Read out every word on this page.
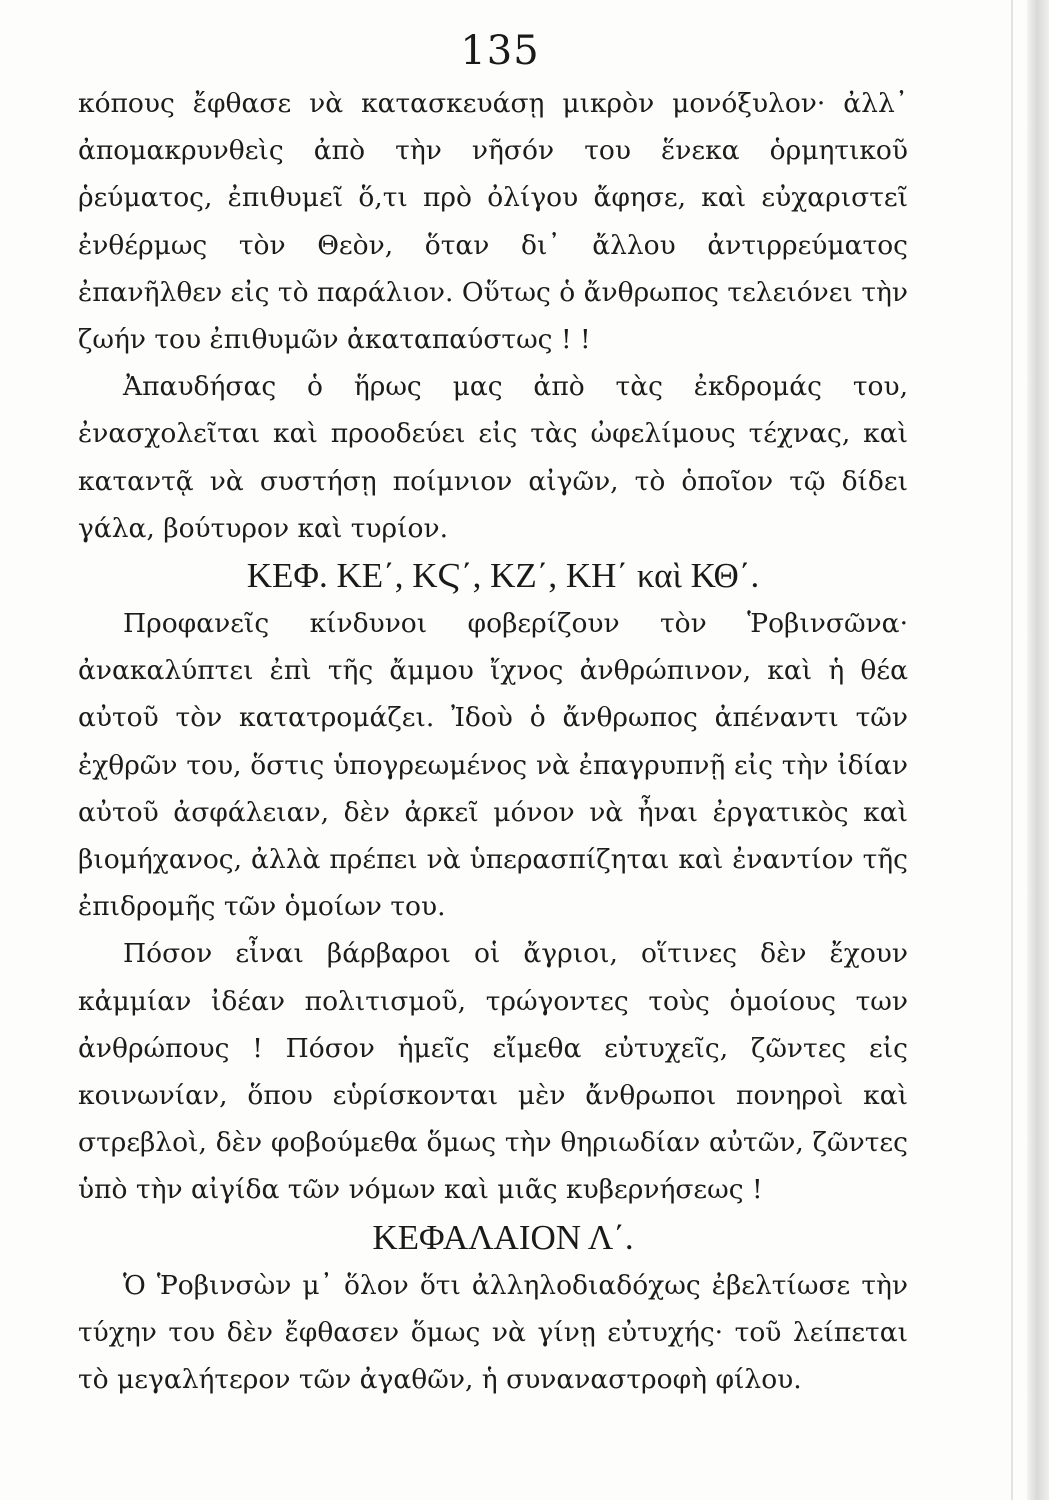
135

κόπους ἔφθασε νὰ κατασκευάσῃ μικρὸν μονόξυλον· ἀλλ᾽ ἀπομακρυνθεὶς ἀπὸ τὴν νῆσόν του ἕνεκα ὁρμητικοῦ ῥεύματος, ἐπιθυμεῖ ὅ,τι πρὸ ὀλίγου ἄφησε, καὶ εὐχαριστεῖ ἐνθέρμως τὸν Θεὸν, ὅταν δι᾽ ἄλλου ἀντιρρεύματος ἐπανῆλθεν εἰς τὸ παράλιον. Οὕτως ὁ ἄνθρωπος τελειόνει τὴν ζωήν του ἐπιθυμῶν ἀκαταπαύστως ! !

Ἀπαυδήσας ὁ ἥρως μας ἀπὸ τὰς ἐκδρομάς του, ἐνασχολεῖται καὶ προοδεύει εἰς τὰς ὠφελίμους τέχνας, καὶ καταντᾷ νὰ συστήσῃ ποίμνιον αἰγῶν, τὸ ὁποῖον τῷ δίδει γάλα, βούτυρον καὶ τυρίον.

ΚΕΦ. ΚΕ΄, ΚϚ΄, ΚΖ΄, ΚΗ΄ καὶ ΚΘ΄.

Προφανεῖς κίνδυνοι φοβερίζουν τὸν Ῥοβινσῶνα· ἀνακαλύπτει ἐπὶ τῆς ἄμμου ἴχνος ἀνθρώπινον, καὶ ἡ θέα αὐτοῦ τὸν κατατρομάζει. Ἰδοὺ ὁ ἄνθρωπος ἀπέναντι τῶν ἐχθρῶν του, ὅστις ὑπογρεωμένος νὰ ἐπαγρυπνῇ εἰς τὴν ἰδίαν αὐτοῦ ἀσφάλειαν, δὲν ἀρκεῖ μόνον νὰ ἦναι ἐργατικὸς καὶ βιομήχανος, ἀλλὰ πρέπει νὰ ὑπερασπίζηται καὶ ἐναντίον τῆς ἐπιδρομῆς τῶν ὁμοίων του.

Πόσον εἶναι βάρβαροι οἱ ἄγριοι, οἵτινες δὲν ἔχουν κἀμμίαν ἰδέαν πολιτισμοῦ, τρώγοντες τοὺς ὁμοίους των ἀνθρώπους ! Πόσον ἡμεῖς εἴμεθα εὐτυχεῖς, ζῶντες εἰς κοινωνίαν, ὅπου εὑρίσκονται μὲν ἄνθρωποι πονηροὶ καὶ στρεβλοὶ, δὲν φοβούμεθα ὅμως τὴν θηριωδίαν αὐτῶν, ζῶντες ὑπὸ τὴν αἰγίδα τῶν νόμων καὶ μιᾶς κυβερνήσεως !

ΚΕΦΑΛΑΙΟΝ Λ΄.

Ὁ Ῥοβινσὼν μ᾽ ὅλον ὅτι ἀλληλοδιαδόχως ἐβελτίωσε τὴν τύχην του δὲν ἔφθασεν ὅμως νὰ γίνῃ εὐτυχής· τοῦ λείπεται τὸ μεγαλήτερον τῶν ἀγαθῶν, ἡ συναναστροφὴ φίλου.
